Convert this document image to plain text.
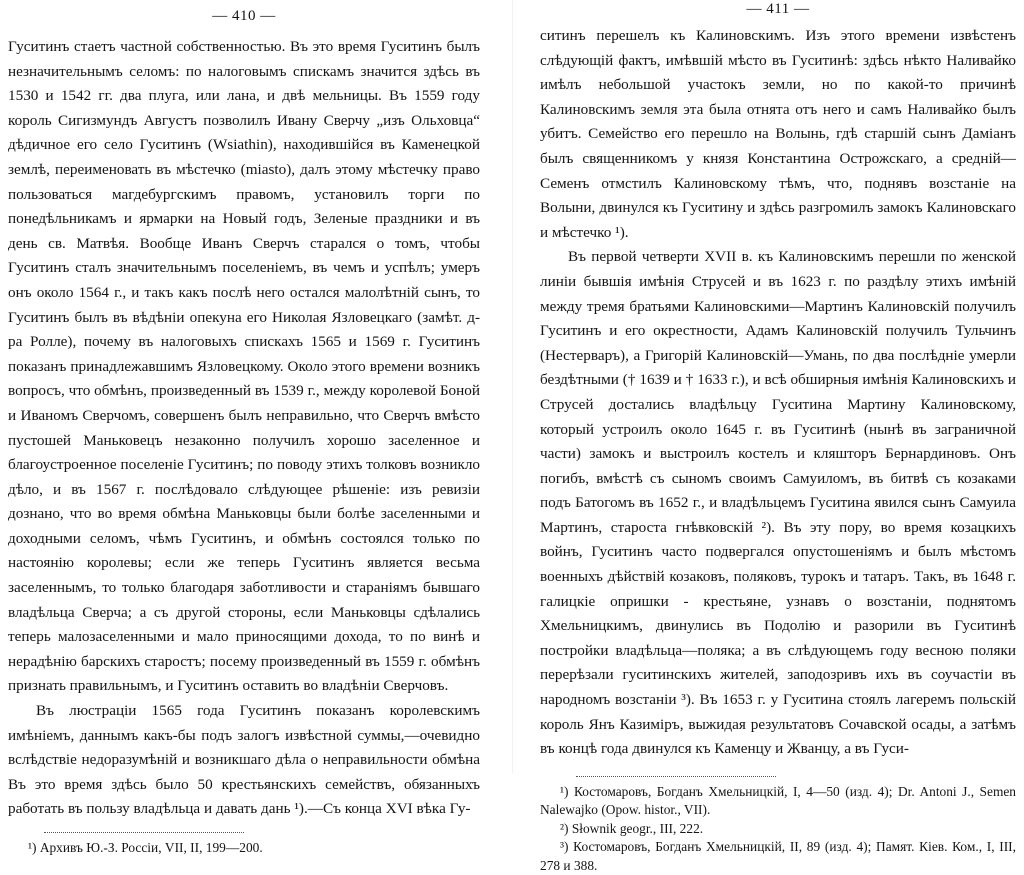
— 410 —

Гуситинъ стаетъ частной собственностью. Въ это время Гуситинъ былъ незначительнымъ селомъ: по налоговымъ спискамъ значится здѣсь въ 1530 и 1542 гг. два плуга, или лана, и двѣ мельницы. Въ 1559 году король Сигизмундъ Августъ позволилъ Ивану Сверчу „изъ Ольховца“ дѣдичное его село Гуситинъ (Wsiathin), находившійся въ Каменецкой землѣ, переименовать въ мѣстечко (miasto), далъ этому мѣстечку право пользоваться магдебургскимъ правомъ, установилъ торги по понедѣльникамъ и ярмарки на Новый годъ, Зеленые праздники и въ день св. Матвѣя. Вообще Иванъ Сверчъ старался о томъ, чтобы Гуситинъ сталъ значительнымъ поселеніемъ, въ чемъ и успѣлъ; умеръ онъ около 1564 г., и такъ какъ послѣ него остался малолѣтній сынъ, то Гуситинъ былъ въ вѣдѣніи опекуна его Николая Язловецкаго (замѣт. д-ра Ролле), почему въ налоговыхъ спискахъ 1565 и 1569 г. Гуситинъ показанъ принадлежавшимъ Язловецкому. Около этого времени возникъ вопросъ, что обмѣнъ, произведенный въ 1539 г., между королевой Боной и Иваномъ Сверчомъ, совершенъ былъ неправильно, что Сверчъ вмѣсто пустошей Маньковецъ незаконно получилъ хорошо заселенное и благоустроенное поселеніе Гуситинъ; по поводу этихъ толковъ возникло дѣло, и въ 1567 г. послѣдовало слѣдующее рѣшеніе: изъ ревизіи дознано, что во время обмѣна Маньковцы были болѣе заселенными и доходными селомъ, чѣмъ Гуситинъ, и обмѣнъ состоялся только по настоянію королевы; если же теперь Гуситинъ является весьма заселеннымъ, то только благодаря заботливости и стараніямъ бывшаго владѣльца Сверча; а съ другой стороны, если Маньковцы сдѣлались теперь малозаселенными и мало приносящими дохода, то по винѣ и нерадѣнію барскихъ старостъ; посему произведенный въ 1559 г. обмѣнъ признать правильнымъ, и Гуситинъ оставить во владѣніи Сверчовъ.

Въ люстраціи 1565 года Гуситинъ показанъ королевскимъ имѣніемъ, даннымъ какъ-бы подъ залогъ извѣстной суммы,—очевидно вслѣдствіе недоразумѣній и возникшаго дѣла о неправильности обмѣна Въ это время здѣсь было 50 крестьянскихъ семействъ, обязанныхъ работать въ пользу владѣльца и давать дань ¹).—Съ конца XVI вѣка Гу-

¹) Архивъ Ю.-З. Россіи, VII, II, 199—200.

— 411 —

ситинъ перешелъ къ Калиновскимъ. Изъ этого времени извѣстенъ слѣдующій фактъ, имѣвшій мѣсто въ Гуситинѣ: здѣсь нѣкто Наливайко имѣлъ небольшой участокъ земли, но по какой-то причинѣ Калиновскимъ земля эта была отнята отъ него и самъ Наливайко былъ убитъ. Семейство его перешло на Волынь, гдѣ старшій сынъ Даміанъ былъ священникомъ у князя Константина Острожскаго, а средній—Семенъ отмстилъ Калиновскому тѣмъ, что, поднявъ возстаніе на Волыни, двинулся къ Гуситину и здѣсь разгромилъ замокъ Калиновскаго и мѣстечко ¹).

Въ первой четверти XVII в. къ Калиновскимъ перешли по женской линіи бывшія имѣнія Струсей и въ 1623 г. по раздѣлу этихъ имѣній между тремя братьями Калиновскими—Мартинъ Калиновскій получилъ Гуситинъ и его окрестности, Адамъ Калиновскій получилъ Тульчинъ (Нестерваръ), а Григорій Калиновскій—Умань, по два послѣдніе умерли бездѣтными († 1639 и † 1633 г.), и всѣ обширныя имѣнія Калиновскихъ и Струсей достались владѣльцу Гуситина Мартину Калиновскому, который устроилъ около 1645 г. въ Гуситинѣ (нынѣ въ заграничной части) замокъ и выстроилъ костелъ и кляшторъ Бернардиновъ. Онъ погибъ, вмѣстѣ съ сыномъ своимъ Самуиломъ, въ битвѣ съ козаками подъ Батогомъ въ 1652 г., и владѣльцемъ Гуситина явился сынъ Самуила Мартинъ, староста гнѣвковскій ²). Въ эту пору, во время козацкихъ войнъ, Гуситинъ часто подвергался опустошеніямъ и былъ мѣстомъ военныхъ дѣйствій козаковъ, поляковъ, турокъ и татаръ. Такъ, въ 1648 г. галицкіе опришки - крестьяне, узнавъ о возстаніи, поднятомъ Хмельницкимъ, двинулись въ Подолію и разорили въ Гуситинѣ постройки владѣльца—поляка; а въ слѣдующемъ году весною поляки перерѣзали гуситинскихъ жителей, заподозривъ ихъ въ соучастіи въ народномъ возстаніи ³). Въ 1653 г. у Гуситина стоялъ лагеремъ польскій король Янъ Казиміръ, выжидая результатовъ Сочавской осады, а затѣмъ въ концѣ года двинулся къ Каменцу и Жванцу, а въ Гуси-

¹) Костомаровъ, Богданъ Хмельницкій, I, 4—50 (изд. 4); Dr. Antoni J., Semen Nalewajko (Opow. histor., VII).

²) Słownik geogr., III, 222.

³) Костомаровъ, Богданъ Хмельницкій, II, 89 (изд. 4); Памят. Кіев. Ком., I, III, 278 и 388.
